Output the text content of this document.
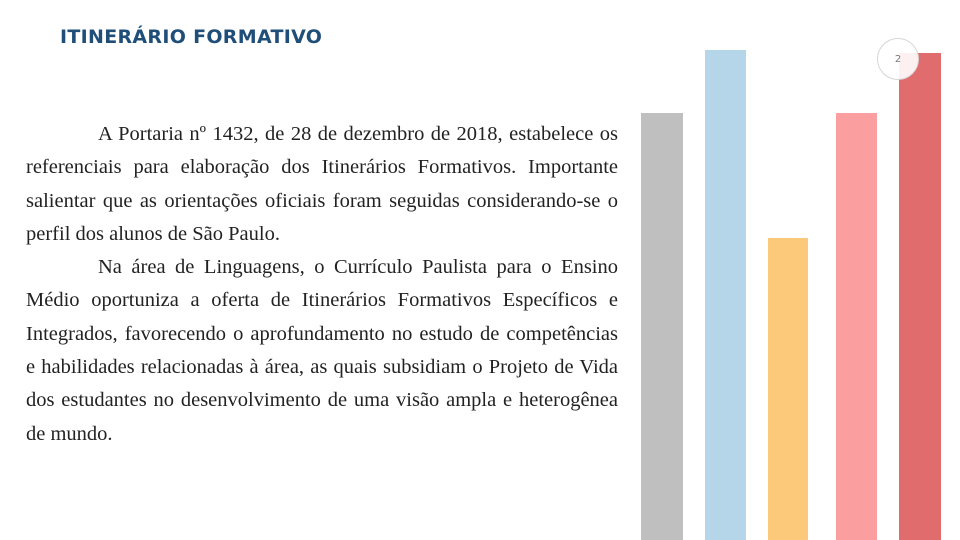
ITINERÁRIO FORMATIVO

A Portaria nº 1432, de 28 de dezembro de 2018, estabelece os referenciais para elaboração dos Itinerários Formativos. Importante salientar que as orientações oficiais foram seguidas considerando-se o perfil dos alunos de São Paulo.

Na área de Linguagens, o Currículo Paulista para o Ensino Médio oportuniza a oferta de Itinerários Formativos Específicos e Integrados, favorecendo o aprofundamento no estudo de competências e habilidades relacionadas à área, as quais subsidiam o Projeto de Vida dos estudantes no desenvolvimento de uma visão ampla e heterogênea de mundo.

2
